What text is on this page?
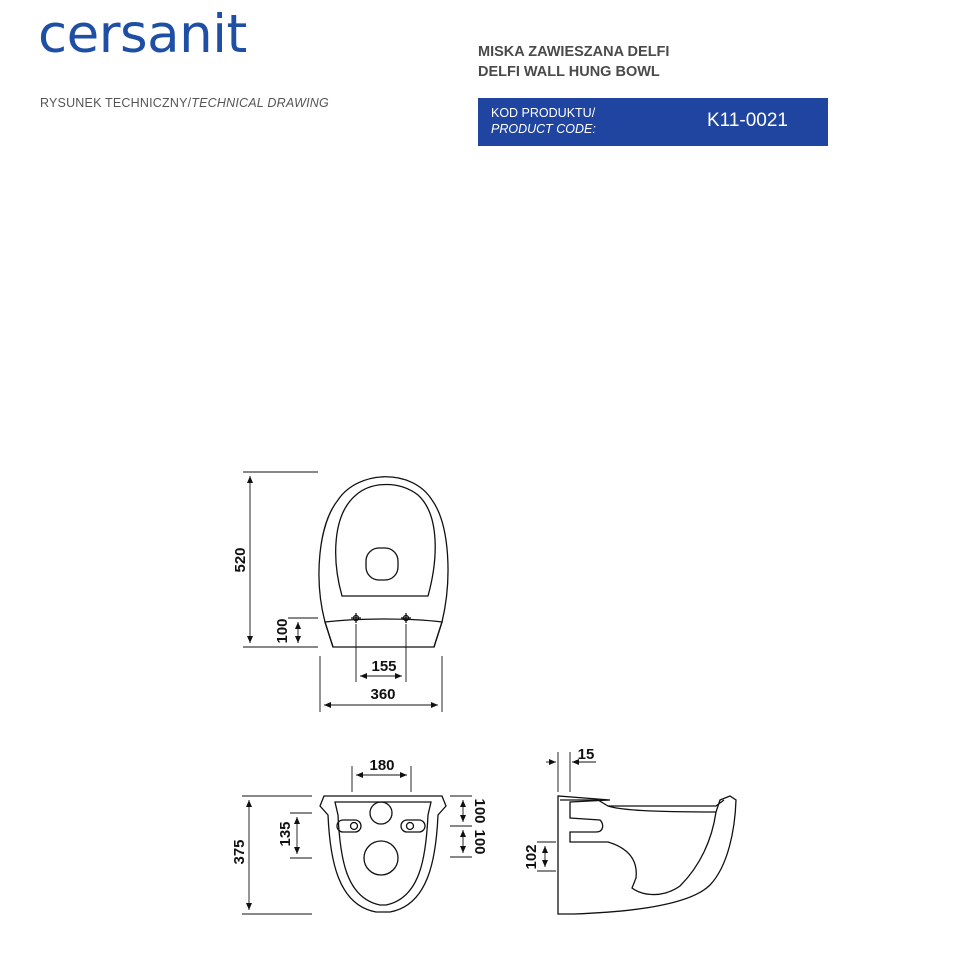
cersanit
RYSUNEK TECHNICZNY/TECHNICAL DRAWING
MISKA ZAWIESZANA DELFI
DELFI WALL HUNG BOWL
KOD PRODUKTU/
PRODUCT CODE:	K11-0021
520
100
155
360
375
135
180
100
100
15
102
